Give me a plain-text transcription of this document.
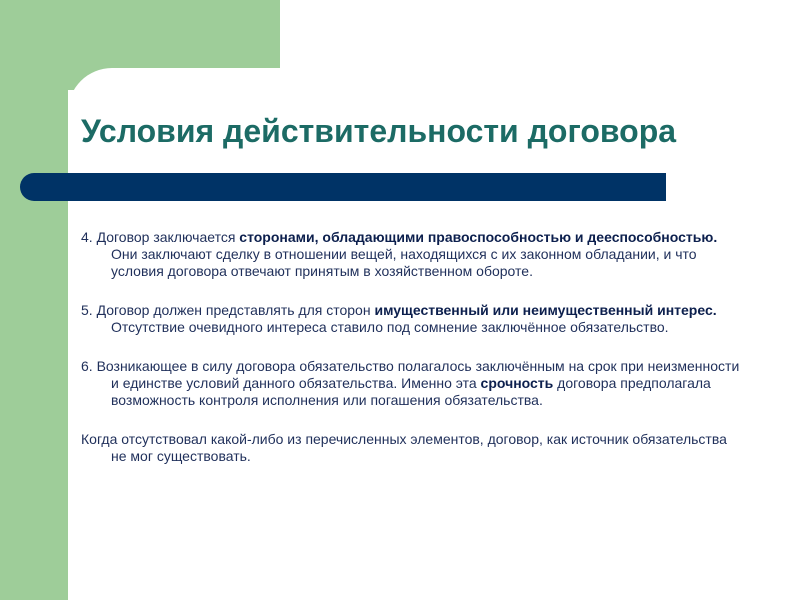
Условия действительности договора

4. Договор заключается сторонами, обладающими правоспособностью и дееспособностью. Они заключают сделку в отношении вещей, находящихся с их законном обладании, и что условия договора отвечают принятым в хозяйственном обороте.

5. Договор должен представлять для сторон имущественный или неимущественный интерес. Отсутствие очевидного интереса ставило под сомнение заключённое обязательство.

6. Возникающее в силу договора обязательство полагалось заключённым на срок при неизменности и единстве условий данного обязательства. Именно эта срочность договора предполагала возможность контроля исполнения или погашения обязательства.

Когда отсутствовал какой-либо из перечисленных элементов, договор, как источник обязательства не мог существовать.
